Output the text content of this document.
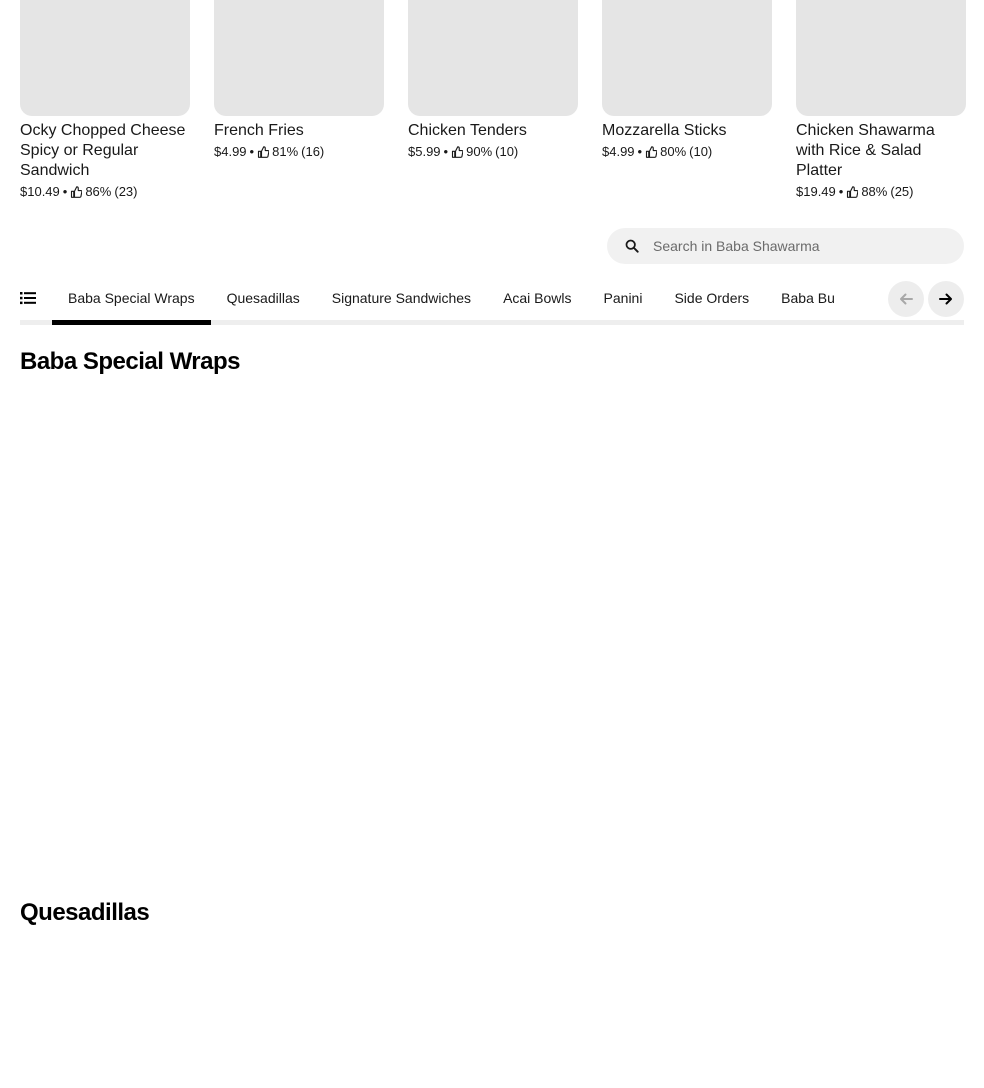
Ocky Chopped Cheese Spicy or Regular Sandwich
$10.49 • 86% (23)
French Fries
$4.99 • 81% (16)
Chicken Tenders
$5.99 • 90% (10)
Mozzarella Sticks
$4.99 • 80% (10)
Chicken Shawarma with Rice & Salad Platter
$19.49 • 88% (25)
Search in Baba Shawarma
Baba Special Wraps	Quesadillas	Signature Sandwiches	Acai Bowls	Panini	Side Orders	Baba Bu
Baba Special Wraps
Quesadillas
